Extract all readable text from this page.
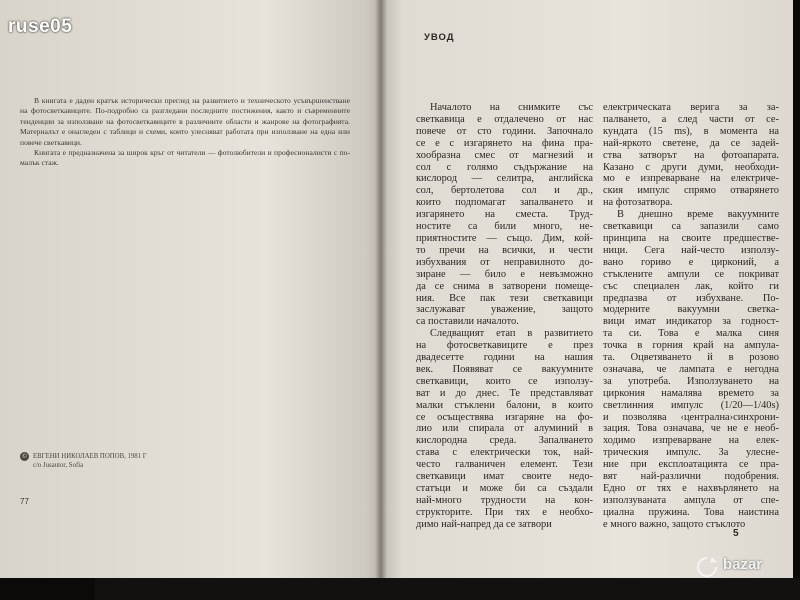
В книгата е даден кратък исторически преглед на развитието и техническото усъвършенстване на фотосветкавиците. По-подробно са разгледани последните постижения, както и съвременните тенденции за използване на фотосветкавиците в различните области и жанрове на фотографията. Материалът е онагледен с таблици и схеми, които улесняват работата при използване на една или повече светкавици.

Книгата е предназначена за широк кръг от читатели — фотолюбители и професионалисти с по-малък стаж.

© ЕВГЕНИ НИКОЛАЕВ ПОПОВ, 1981 Г
c/o Jusautor, Sofia
77
УВОД
Началото на снимките със
светкавица е отдалечено от нас
повече от сто години. Започнало
се е с изгарянето на фина пра-
хообразна смес от магнезий и
сол с голямо съдържание на
кислород — селитра, английска
сол, бертолетова сол и др.,
които подпомагат запалването и
изгарянето на сместа. Труд-
ностите са били много, не-
приятностите — също. Дим, кой-
то пречи на всички, и чести
избухвания от неправилното до-
зиране — било е невъзможно
да се снима в затворени помеще-
ния. Все пак тези светкавици
заслужават уважение, защото
са поставили началото.
Следващият етап в развитието
на фотосветкавиците е през
двадесетте години на нашия
век. Появяват се вакуумните
светкавици, които се използу-
ват и до днес. Те представляват
малки стъклени балони, в които
се осъществява изгаряне на фо-
лио или спирала от алуминий в
кислородна среда. Запалването
става с електрически ток, най-
често галваничен елемент. Тези
светкавици имат своите недо-
статъци и може би са създали
най-много трудности на кон-
структорите. При тях е необхо-
димо най-напред да се затвори
електрическата верига за за-
палването, а след части от се-
кундата (15 ms), в момента на
най-яркото светене, да се задей-
ства затворът на фотоапарата.
Казано с други думи, необходи-
мо е изпреварване на електриче-
ския импулс спрямо отварянето
на фотозатвора.
В днешно време вакуумните
светкавици са запазили само
принципа на своите предшестве-
ници. Сега най-често използу-
вано гориво е цирконий, а
стъклените ампули се покриват
със специален лак, който ги
предпазва от избухване. По-
модерните вакуумни светка-
вици имат индикатор за годност-
та си. Това е малка синя
точка в горния край на ампула-
та. Оцветяването й в розово
означава, че лампата е негодна
за употреба. Използуването на
циркония намалява времето за
светлинния импулс (1/20—1/40s)
и позволява ‹централна›синхрони-
зация. Това означава, че не е необ-
ходимо изпреварване на елек-
трическия импулс. За улесне-
ние при експлоатацията се пра-
вят най-различни подобрения.
Едно от тях е нахвърлянето на
използуваната ампула от спе-
циална пружина. Това наистина
е много важно, защото стъклото
5
ruse05
bazar
